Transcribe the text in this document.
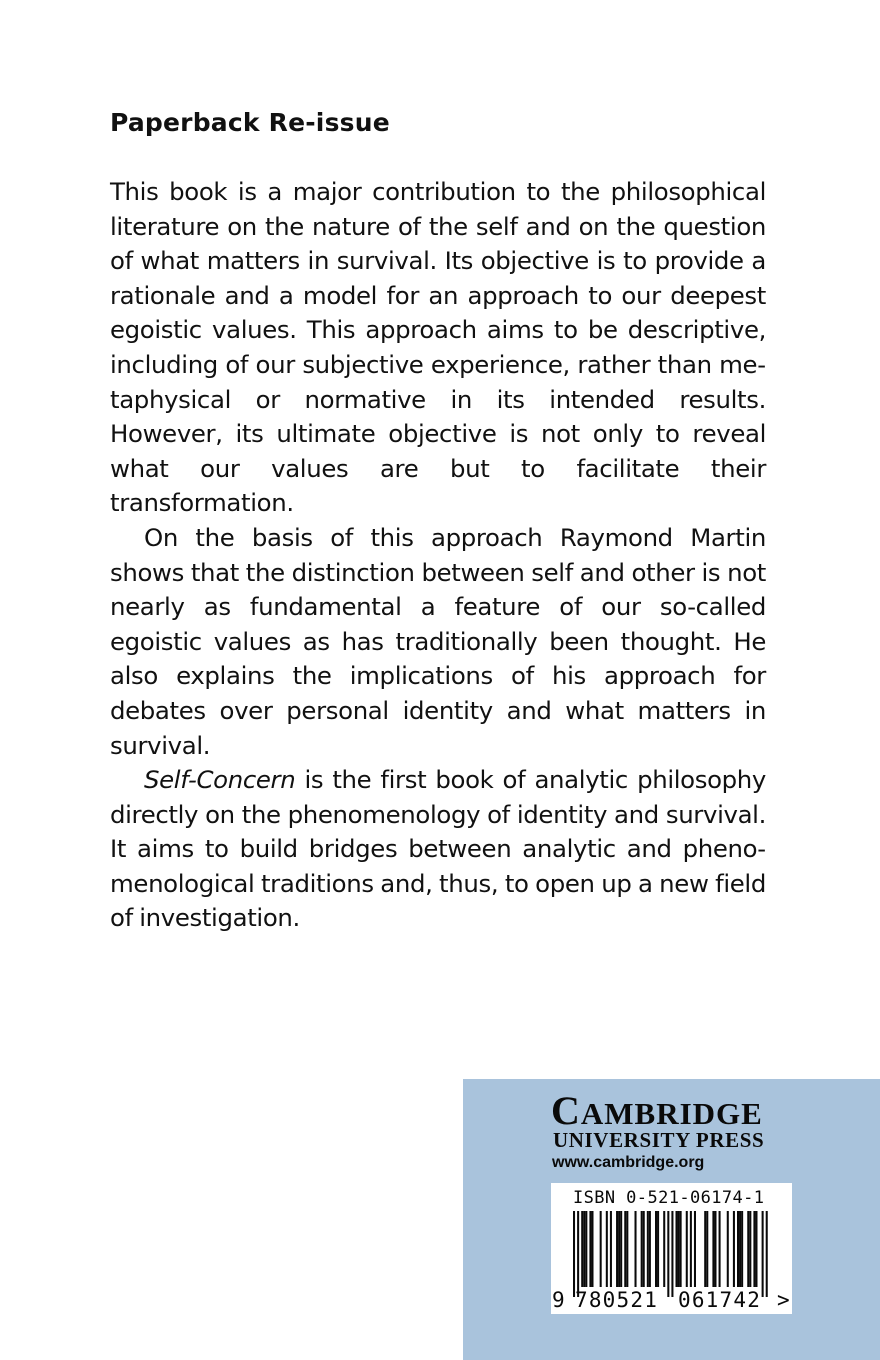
Paperback Re-issue

This book is a major contribution to the philosophical literature on the nature of the self and on the question of what matters in survival. Its objective is to provide a rationale and a model for an approach to our deepest egoistic values. This approach aims to be descriptive, including of our subjective experience, rather than metaphysical or normative in its intended results. However, its ultimate objective is not only to reveal what our values are but to facilitate their transformation.

On the basis of this approach Raymond Martin shows that the distinction between self and other is not nearly as fundamental a feature of our so-called egoistic values as has traditionally been thought. He also explains the implications of his approach for debates over personal identity and what matters in survival.

Self-Concern is the first book of analytic philosophy directly on the phenomenology of identity and survival. It aims to build bridges between analytic and phenomenological traditions and, thus, to open up a new field of investigation.

CAMBRIDGE
UNIVERSITY PRESS
www.cambridge.org
ISBN 0-521-06174-1
9 780521 061742 >
